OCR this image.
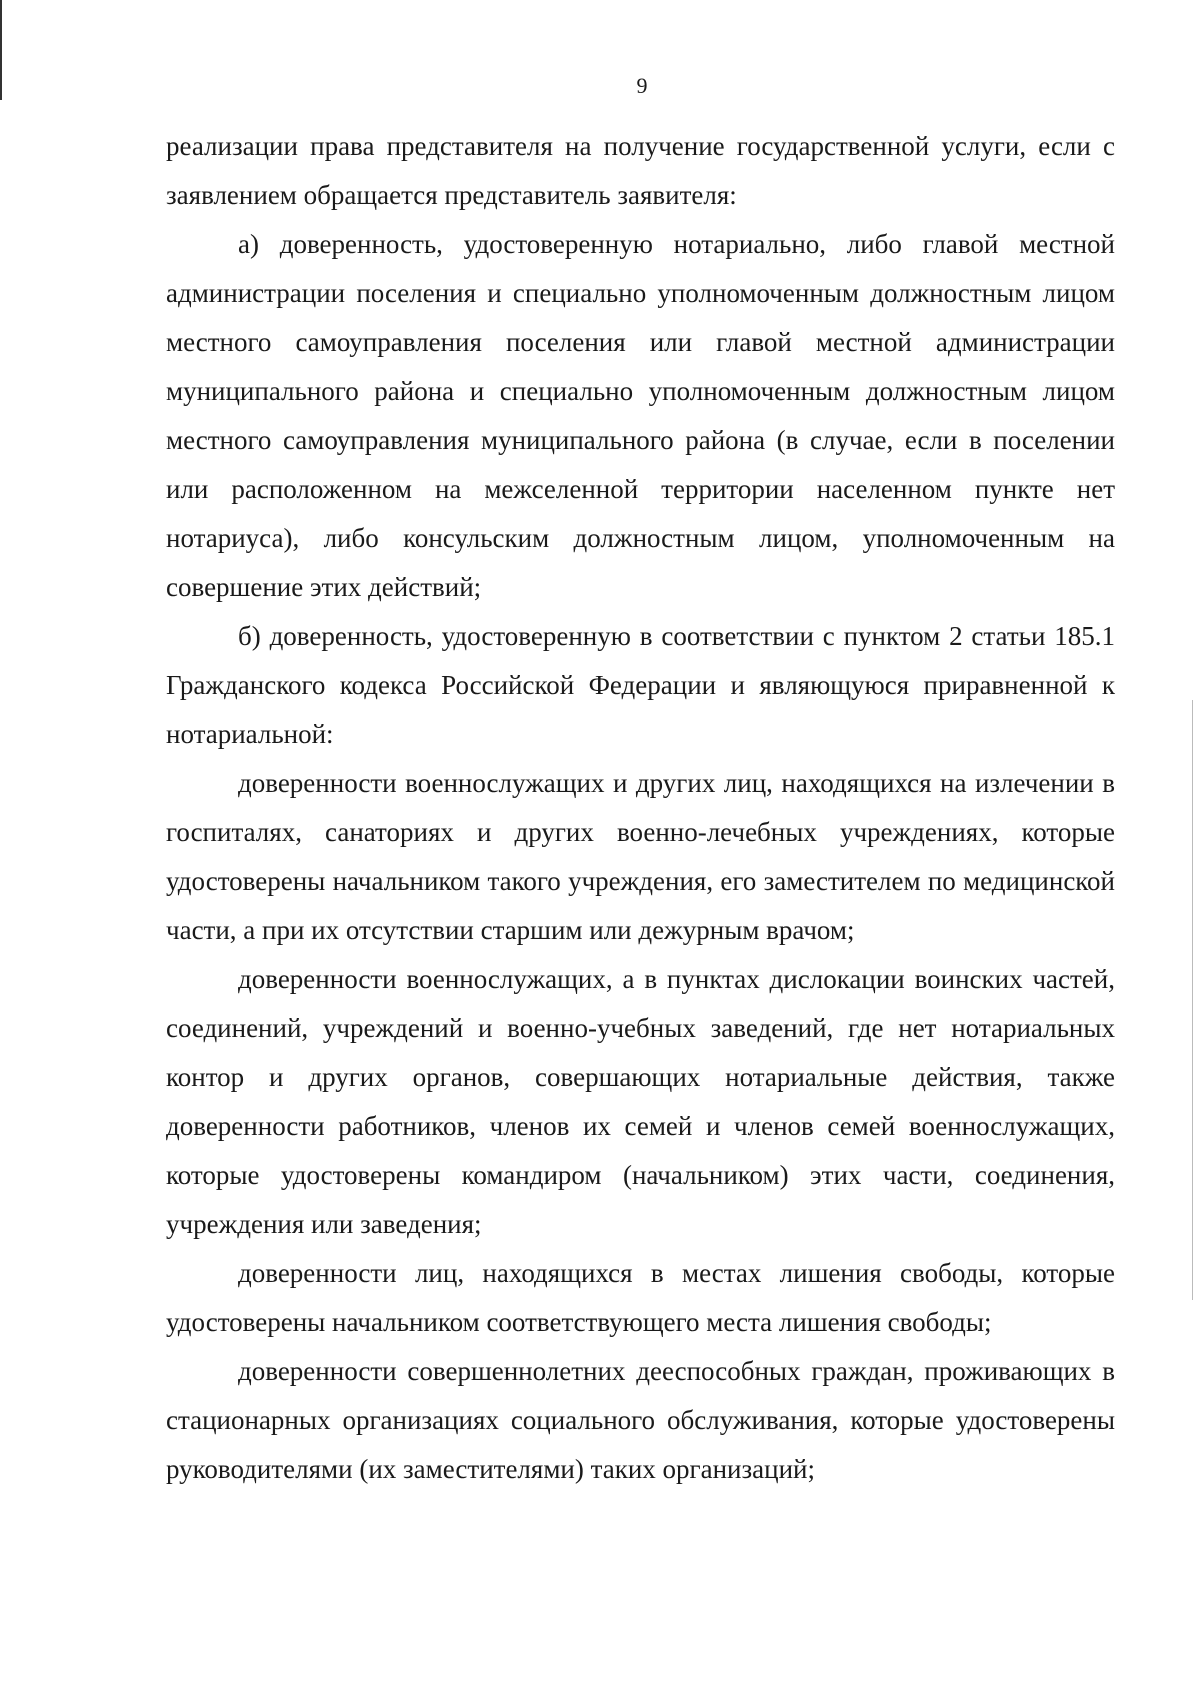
9

реализации права представителя на получение государственной услуги, если с заявлением обращается представитель заявителя:

а) доверенность, удостоверенную нотариально, либо главой местной администрации поселения и специально уполномоченным должностным лицом местного самоуправления поселения или главой местной администрации муниципального района и специально уполномоченным должностным лицом местного самоуправления муниципального района (в случае, если в поселении или расположенном на межселенной территории населенном пункте нет нотариуса), либо консульским должностным лицом, уполномоченным на совершение этих действий;

б) доверенность, удостоверенную в соответствии с пунктом 2 статьи 185.1 Гражданского кодекса Российской Федерации и являющуюся приравненной к нотариальной:

доверенности военнослужащих и других лиц, находящихся на излечении в госпиталях, санаториях и других военно-лечебных учреждениях, которые удостоверены начальником такого учреждения, его заместителем по медицинской части, а при их отсутствии старшим или дежурным врачом;

доверенности военнослужащих, а в пунктах дислокации воинских частей, соединений, учреждений и военно-учебных заведений, где нет нотариальных контор и других органов, совершающих нотариальные действия, также доверенности работников, членов их семей и членов семей военнослужащих, которые удостоверены командиром (начальником) этих части, соединения, учреждения или заведения;

доверенности лиц, находящихся в местах лишения свободы, которые удостоверены начальником соответствующего места лишения свободы;

доверенности совершеннолетних дееспособных граждан, проживающих в стационарных организациях социального обслуживания, которые удостоверены руководителями (их заместителями) таких организаций;
